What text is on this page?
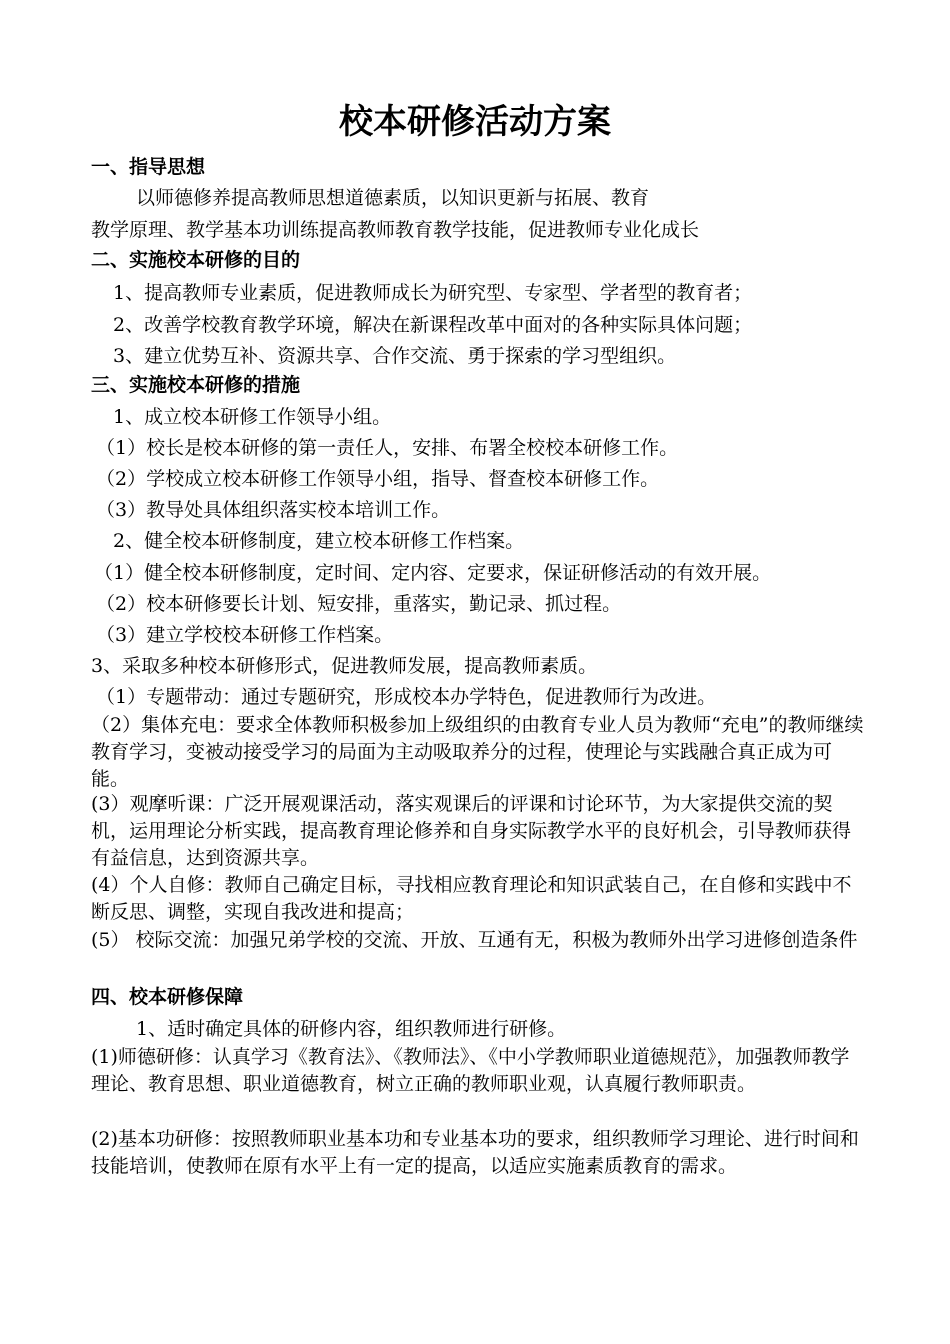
校本研修活动方案
一、指导思想
以师德修养提高教师思想道德素质，以知识更新与拓展、教育
教学原理、教学基本功训练提高教师教育教学技能，促进教师专业化成长
二、实施校本研修的目的
1、提高教师专业素质，促进教师成长为研究型、专家型、学者型的教育者；
2、改善学校教育教学环境，解决在新课程改革中面对的各种实际具体问题；
3、建立优势互补、资源共享、合作交流、勇于探索的学习型组织。
三、实施校本研修的措施
1、成立校本研修工作领导小组。
（1）校长是校本研修的第一责任人，安排、布署全校校本研修工作。
（2）学校成立校本研修工作领导小组，指导、督查校本研修工作。
（3）教导处具体组织落实校本培训工作。
2、健全校本研修制度，建立校本研修工作档案。
（1）健全校本研修制度，定时间、定内容、定要求，保证研修活动的有效开展。
（2）校本研修要长计划、短安排，重落实，勤记录、抓过程。
（3）建立学校校本研修工作档案。
3、采取多种校本研修形式，促进教师发展，提高教师素质。
（1）专题带动：通过专题研究，形成校本办学特色，促进教师行为改进。
（2）集体充电：要求全体教师积极参加上级组织的由教育专业人员为教师“充电”的教师继续教育学习，变被动接受学习的局面为主动吸取养分的过程，使理论与实践融合真正成为可能。
(3）观摩听课：广泛开展观课活动，落实观课后的评课和讨论环节，为大家提供交流的契机，运用理论分析实践，提高教育理论修养和自身实际教学水平的良好机会，引导教师获得有益信息，达到资源共享。
(4）个人自修：教师自己确定目标，寻找相应教育理论和知识武装自己，在自修和实践中不断反思、调整，实现自我改进和提高；
(5） 校际交流：加强兄弟学校的交流、开放、互通有无，积极为教师外出学习进修创造条件
四、校本研修保障
1、适时确定具体的研修内容，组织教师进行研修。
(1)师德研修：认真学习《教育法》、《教师法》、《中小学教师职业道德规范》，加强教师教学理论、教育思想、职业道德教育，树立正确的教师职业观，认真履行教师职责。
(2)基本功研修：按照教师职业基本功和专业基本功的要求，组织教师学习理论、进行时间和技能培训，使教师在原有水平上有一定的提高，以适应实施素质教育的需求。
